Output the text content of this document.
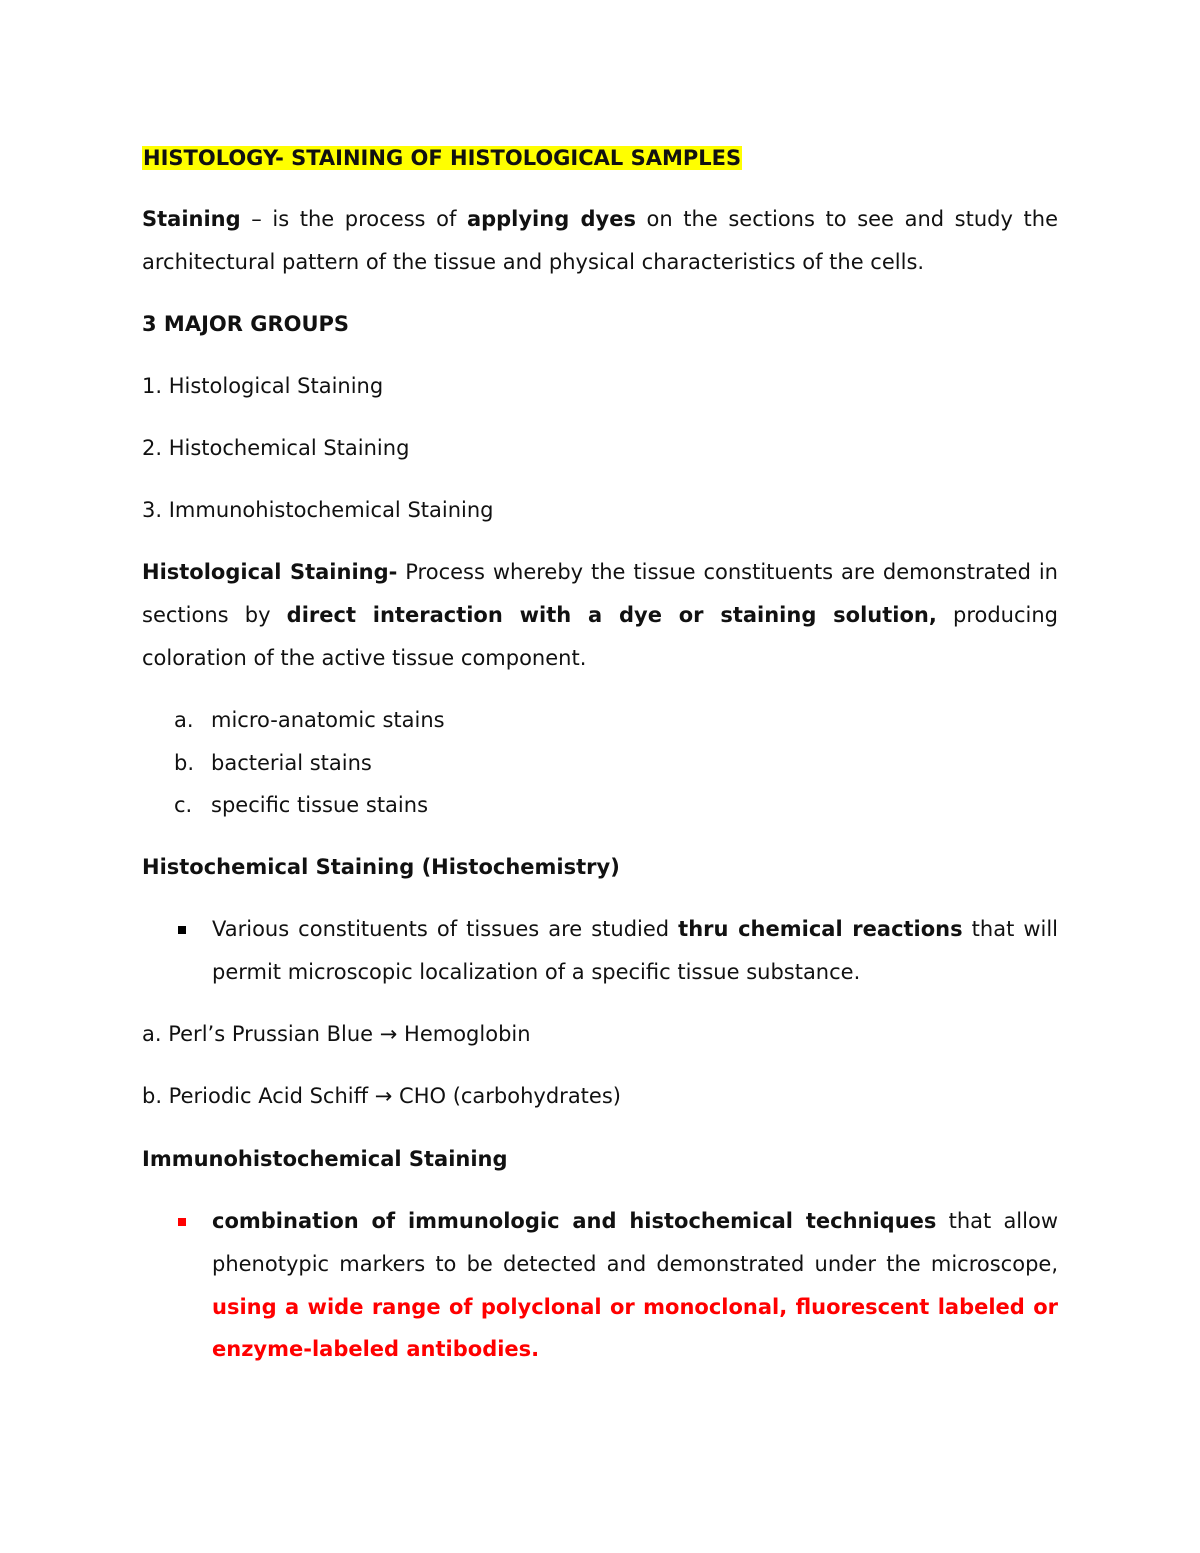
HISTOLOGY- STAINING OF HISTOLOGICAL SAMPLES
Staining – is the process of applying dyes on the sections to see and study the
architectural pattern of the tissue and physical characteristics of the cells.
3 MAJOR GROUPS
1. Histological Staining
2. Histochemical Staining
3. Immunohistochemical Staining
Histological Staining- Process whereby the tissue constituents are demonstrated in
sections by direct interaction with a dye or staining solution, producing
coloration of the active tissue component.
a. micro-anatomic stains
b. bacterial stains
c. specific tissue stains
Histochemical Staining (Histochemistry)
Various constituents of tissues are studied thru chemical reactions that will
permit microscopic localization of a specific tissue substance.
a. Perl’s Prussian Blue → Hemoglobin
b. Periodic Acid Schiff → CHO (carbohydrates)
Immunohistochemical Staining
combination of immunologic and histochemical techniques that allow
phenotypic markers to be detected and demonstrated under the microscope,
using a wide range of polyclonal or monoclonal, fluorescent labeled or
enzyme-labeled antibodies.
